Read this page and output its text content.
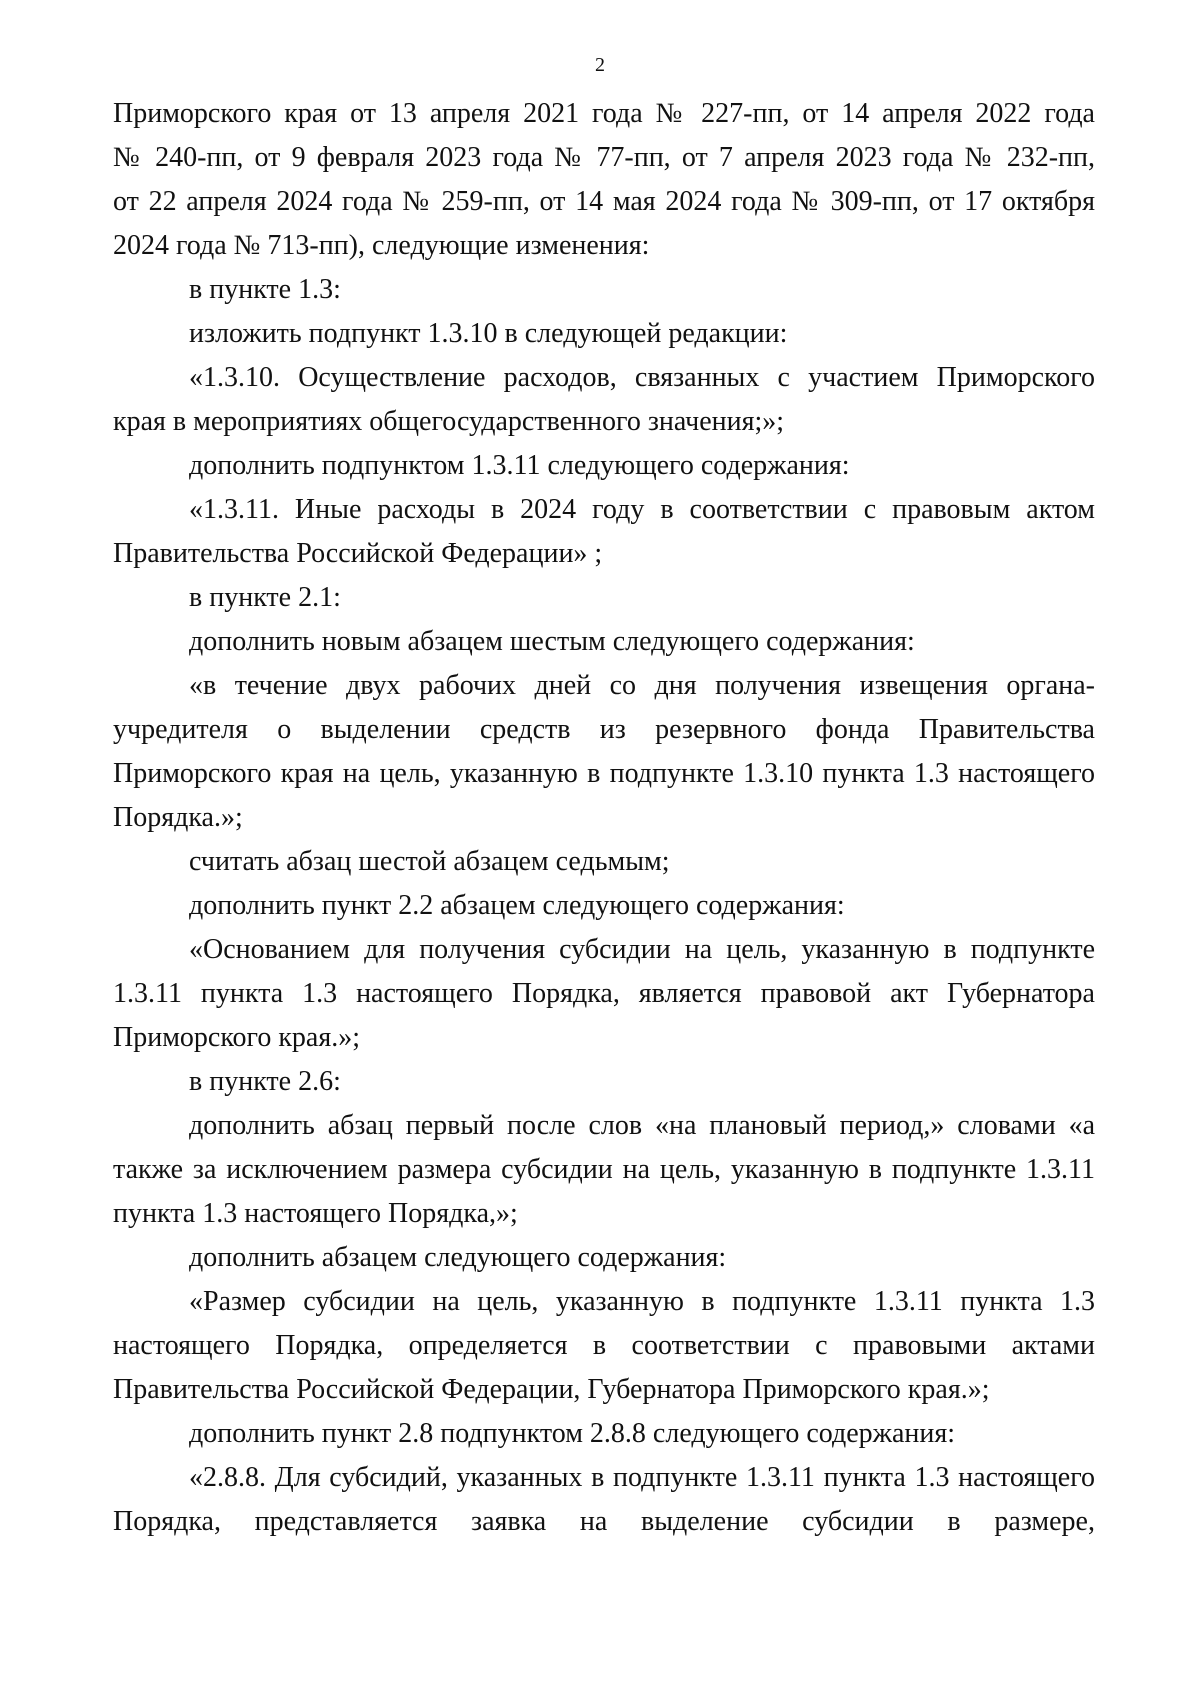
2
Приморского края от 13 апреля 2021 года № 227-пп, от 14 апреля 2022 года
№ 240-пп, от 9 февраля 2023 года № 77-пп, от 7 апреля 2023 года № 232-пп,
от 22 апреля 2024 года № 259-пп, от 14 мая 2024 года № 309-пп, от 17 октября
2024 года № 713-пп), следующие изменения:
в пункте 1.3:
изложить подпункт 1.3.10 в следующей редакции:
«1.3.10. Осуществление расходов, связанных с участием Приморского
края в мероприятиях общегосударственного значения;»;
дополнить подпунктом 1.3.11 следующего содержания:
«1.3.11. Иные расходы в 2024 году в соответствии с правовым актом
Правительства Российской Федерации» ;
в пункте 2.1:
дополнить новым абзацем шестым следующего содержания:
«в течение двух рабочих дней со дня получения извещения органа-
учредителя о выделении средств из резервного фонда Правительства
Приморского края на цель, указанную в подпункте 1.3.10 пункта 1.3 настоящего
Порядка.»;
считать абзац шестой абзацем седьмым;
дополнить пункт 2.2 абзацем следующего содержания:
«Основанием для получения субсидии на цель, указанную в подпункте
1.3.11 пункта 1.3 настоящего Порядка, является правовой акт Губернатора
Приморского края.»;
в пункте 2.6:
дополнить абзац первый после слов «на плановый период,» словами «а
также за исключением размера субсидии на цель, указанную в подпункте 1.3.11
пункта 1.3 настоящего Порядка,»;
дополнить абзацем следующего содержания:
«Размер субсидии на цель, указанную в подпункте 1.3.11 пункта 1.3
настоящего Порядка, определяется в соответствии с правовыми актами
Правительства Российской Федерации, Губернатора Приморского края.»;
дополнить пункт 2.8 подпунктом 2.8.8 следующего содержания:
«2.8.8. Для субсидий, указанных в подпункте 1.3.11 пункта 1.3 настоящего
Порядка, представляется заявка на выделение субсидии в размере,
